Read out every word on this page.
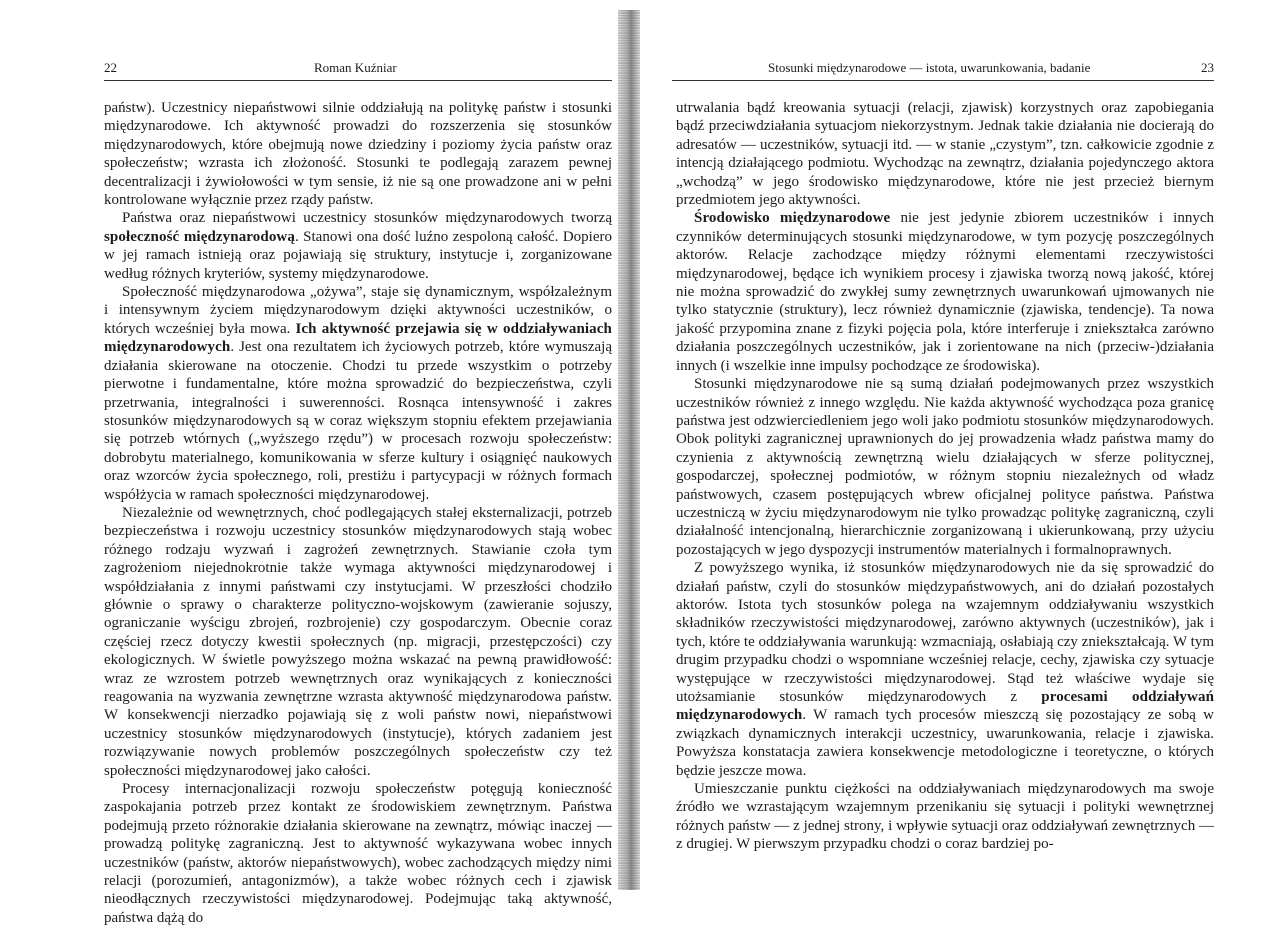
22	Roman Kuźniar

państw). Uczestnicy niepaństwowi silnie oddziałują na politykę państw i stosunki międzynarodowe. Ich aktywność prowadzi do rozszerzenia się stosunków międzynarodowych, które obejmują nowe dziedziny i poziomy życia państw oraz społeczeństw; wzrasta ich złożoność. Stosunki te podlegają zarazem pewnej decentralizacji i żywiołowości w tym sensie, iż nie są one prowadzone ani w pełni kontrolowane wyłącznie przez rządy państw.

Państwa oraz niepaństwowi uczestnicy stosunków międzynarodowych tworzą społeczność międzynarodową. Stanowi ona dość luźno zespoloną całość. Dopiero w jej ramach istnieją oraz pojawiają się struktury, instytucje i, zorganizowane według różnych kryteriów, systemy międzynarodowe.

Społeczność międzynarodowa „ożywa”, staje się dynamicznym, współzależnym i intensywnym życiem międzynarodowym dzięki aktywności uczestników, o których wcześniej była mowa. Ich aktywność przejawia się w oddziaływaniach międzynarodowych. Jest ona rezultatem ich życiowych potrzeb, które wymuszają działania skierowane na otoczenie. Chodzi tu przede wszystkim o potrzeby pierwotne i fundamentalne, które można sprowadzić do bezpieczeństwa, czyli przetrwania, integralności i suwerenności. Rosnąca intensywność i zakres stosunków międzynarodowych są w coraz większym stopniu efektem przejawiania się potrzeb wtórnych („wyższego rzędu”) w procesach rozwoju społeczeństw: dobrobytu materialnego, komunikowania w sferze kultury i osiągnięć naukowych oraz wzorców życia społecznego, roli, prestiżu i partycypacji w różnych formach współżycia w ramach społeczności międzynarodowej.

Niezależnie od wewnętrznych, choć podlegających stałej eksternalizacji, potrzeb bezpieczeństwa i rozwoju uczestnicy stosunków międzynarodowych stają wobec różnego rodzaju wyzwań i zagrożeń zewnętrznych. Stawianie czoła tym zagrożeniom niejednokrotnie także wymaga aktywności międzynarodowej i współdziałania z innymi państwami czy instytucjami. W przeszłości chodziło głównie o sprawy o charakterze polityczno-wojskowym (zawieranie sojuszy, ograniczanie wyścigu zbrojeń, rozbrojenie) czy gospodarczym. Obecnie coraz częściej rzecz dotyczy kwestii społecznych (np. migracji, przestępczości) czy ekologicznych. W świetle powyższego można wskazać na pewną prawidłowość: wraz ze wzrostem potrzeb wewnętrznych oraz wynikających z konieczności reagowania na wyzwania zewnętrzne wzrasta aktywność międzynarodowa państw. W konsekwencji nierzadko pojawiają się z woli państw nowi, niepaństwowi uczestnicy stosunków międzynarodowych (instytucje), których zadaniem jest rozwiązywanie nowych problemów poszczególnych społeczeństw czy też społeczności międzynarodowej jako całości.

Procesy internacjonalizacji rozwoju społeczeństw potęgują konieczność zaspokajania potrzeb przez kontakt ze środowiskiem zewnętrznym. Państwa podejmują przeto różnorakie działania skierowane na zewnątrz, mówiąc inaczej — prowadzą politykę zagraniczną. Jest to aktywność wykazywana wobec innych uczestników (państw, aktorów niepaństwowych), wobec zachodzących między nimi relacji (porozumień, antagonizmów), a także wobec różnych cech i zjawisk nieodłącznych rzeczywistości międzynarodowej. Podejmując taką aktywność, państwa dążą do

Stosunki międzynarodowe — istota, uwarunkowania, badanie	23

utrwalania bądź kreowania sytuacji (relacji, zjawisk) korzystnych oraz zapobiegania bądź przeciwdziałania sytuacjom niekorzystnym. Jednak takie działania nie docierają do adresatów — uczestników, sytuacji itd. — w stanie „czystym”, tzn. całkowicie zgodnie z intencją działającego podmiotu. Wychodząc na zewnątrz, działania pojedynczego aktora „wchodzą” w jego środowisko międzynarodowe, które nie jest przecież biernym przedmiotem jego aktywności.

Środowisko międzynarodowe nie jest jedynie zbiorem uczestników i innych czynników determinujących stosunki międzynarodowe, w tym pozycję poszczególnych aktorów. Relacje zachodzące między różnymi elementami rzeczywistości międzynarodowej, będące ich wynikiem procesy i zjawiska tworzą nową jakość, której nie można sprowadzić do zwykłej sumy zewnętrznych uwarunkowań ujmowanych nie tylko statycznie (struktury), lecz również dynamicznie (zjawiska, tendencje). Ta nowa jakość przypomina znane z fizyki pojęcia pola, które interferuje i zniekształca zarówno działania poszczególnych uczestników, jak i zorientowane na nich (przeciw-)działania innych (i wszelkie inne impulsy pochodzące ze środowiska).

Stosunki międzynarodowe nie są sumą działań podejmowanych przez wszystkich uczestników również z innego względu. Nie każda aktywność wychodząca poza granicę państwa jest odzwierciedleniem jego woli jako podmiotu stosunków międzynarodowych. Obok polityki zagranicznej uprawnionych do jej prowadzenia władz państwa mamy do czynienia z aktywnością zewnętrzną wielu działających w sferze politycznej, gospodarczej, społecznej podmiotów, w różnym stopniu niezależnych od władz państwowych, czasem postępujących wbrew oficjalnej polityce państwa. Państwa uczestniczą w życiu międzynarodowym nie tylko prowadząc politykę zagraniczną, czyli działalność intencjonalną, hierarchicznie zorganizowaną i ukierunkowaną, przy użyciu pozostających w jego dyspozycji instrumentów materialnych i formalnoprawnych.

Z powyższego wynika, iż stosunków międzynarodowych nie da się sprowadzić do działań państw, czyli do stosunków międzypaństwowych, ani do działań pozostałych aktorów. Istota tych stosunków polega na wzajemnym oddziaływaniu wszystkich składników rzeczywistości międzynarodowej, zarówno aktywnych (uczestników), jak i tych, które te oddziaływania warunkują: wzmacniają, osłabiają czy zniekształcają. W tym drugim przypadku chodzi o wspomniane wcześniej relacje, cechy, zjawiska czy sytuacje występujące w rzeczywistości międzynarodowej. Stąd też właściwe wydaje się utożsamianie stosunków międzynarodowych z procesami oddziaływań międzynarodowych. W ramach tych procesów mieszczą się pozostający ze sobą w związkach dynamicznych interakcji uczestnicy, uwarunkowania, relacje i zjawiska. Powyższa konstatacja zawiera konsekwencje metodologiczne i teoretyczne, o których będzie jeszcze mowa.

Umieszczanie punktu ciężkości na oddziaływaniach międzynarodowych ma swoje źródło we wzrastającym wzajemnym przenikaniu się sytuacji i polityki wewnętrznej różnych państw — z jednej strony, i wpływie sytuacji oraz oddziaływań zewnętrznych — z drugiej. W pierwszym przypadku chodzi o coraz bardziej po-
